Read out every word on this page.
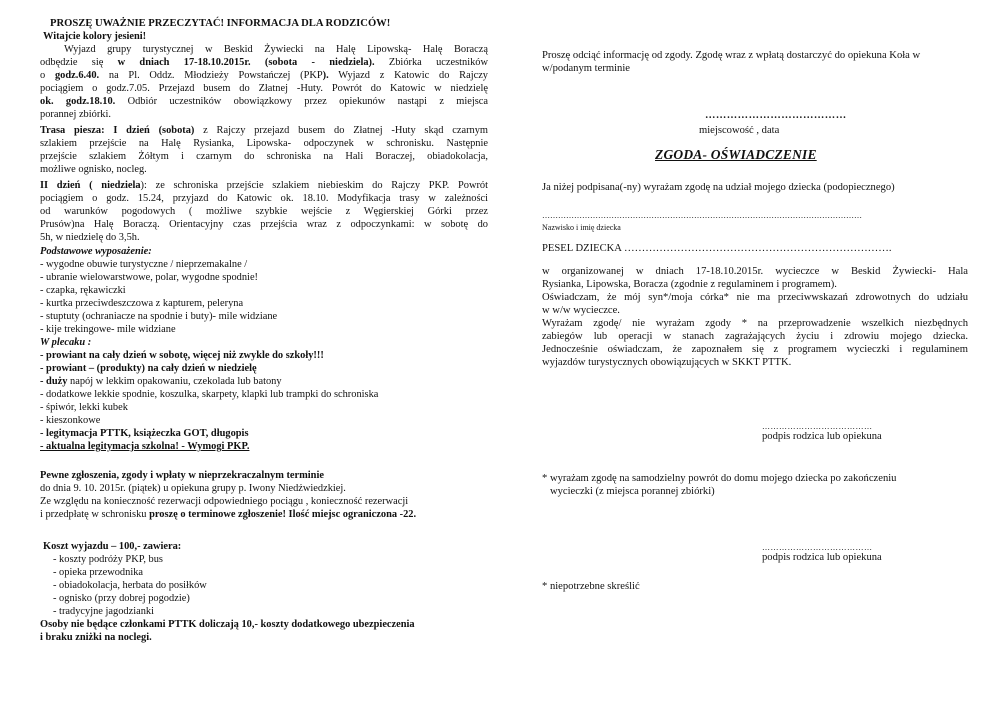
PROSZĘ UWAŻNIE PRZECZYTAĆ! INFORMACJA DLA RODZICÓW!
Witajcie kolory jesieni!
Wyjazd grupy turystycznej w Beskid Żywiecki na Halę Lipowską- Halę Boraczą
odbędzie się w dniach 17-18.10.2015r. (sobota - niedziela). Zbiórka uczestników
o godz.6.40. na Pl. Oddz. Młodzieży Powstańczej (PKP). Wyjazd z Katowic do Rajczy
pociągiem o godz.7.05. Przejazd busem do Złatnej -Huty. Powrót do Katowic w niedzielę
ok. godz.18.10. Odbiór uczestników obowiązkowy przez opiekunów nastąpi z miejsca
porannej zbiórki.
Trasa piesza: I dzień (sobota) z Rajczy przejazd busem do Złatnej -Huty skąd czarnym
szlakiem przejście na Halę Rysianka, Lipowska- odpoczynek w schronisku. Następnie
przejście szlakiem Żółtym i czarnym do schroniska na Hali Boraczej, obiadokolacja,
możliwe ognisko, nocleg.
II dzień ( niedziela): ze schroniska przejście szlakiem niebieskim do Rajczy PKP. Powrót
pociągiem o godz. 15.24, przyjazd do Katowic ok. 18.10. Modyfikacja trasy w zależności
od warunków pogodowych ( możliwe szybkie wejście z Węgierskiej Górki przez
Prusów)na Halę Boraczą. Orientacyjny czas przejścia wraz z odpoczynkami: w sobotę do
5h, w niedzielę do 3,5h.
Podstawowe wyposażenie:
- wygodne obuwie turystyczne / nieprzemakalne /
- ubranie wielowarstwowe, polar, wygodne spodnie!
- czapka, rękawiczki
- kurtka przeciwdeszczowa z kapturem, peleryna
- stuptuty (ochraniacze na spodnie i buty)- mile widziane
- kije trekingowe- mile widziane
W plecaku :
- prowiant na cały dzień w sobotę, więcej niż zwykle do szkoły!!!
- prowiant – (produkty) na cały dzień w niedzielę
- duży napój w lekkim opakowaniu, czekolada lub batony
- dodatkowe lekkie spodnie, koszulka, skarpety, klapki lub trampki do schroniska
- śpiwór, lekki kubek
- kieszonkowe
- legitymacja PTTK, książeczka GOT, długopis
- aktualna legitymacja szkolna! - Wymogi PKP.
Pewne zgłoszenia, zgody i wpłaty w nieprzekraczalnym terminie
do dnia 9. 10. 2015r. (piątek) u opiekuna grupy p. Iwony Niedźwiedzkiej.
Ze względu na konieczność rezerwacji odpowiedniego pociągu , konieczność rezerwacji
i przedpłatę w schronisku proszę o terminowe zgłoszenie! Ilość miejsc ograniczona -22.
Koszt wyjazdu – 100,- zawiera:
- koszty podróży PKP, bus
- opieka przewodnika
- obiadokolacja, herbata do posiłków
- ognisko (przy dobrej pogodzie)
- tradycyjne jagodzianki
Osoby nie będące członkami PTTK doliczają 10,- koszty dodatkowego ubezpieczenia
i braku zniżki na noclegi.
Proszę odciąć informację od zgody. Zgodę wraz z wpłatą dostarczyć do opiekuna Koła w
w/podanym terminie
…………………………………
miejscowość , data
ZGODA- OŚWIADCZENIE
Ja niżej podpisana(-ny) wyrażam zgodę na udział mojego dziecka (podopiecznego)
…………………………………………………………………………………………………………
Nazwisko i imię dziecka
PESEL DZIECKA ………………………………………………………………….
w organizowanej w dniach 17-18.10.2015r. wycieczce w Beskid Żywiecki- Hala
Rysianka, Lipowska, Boracza (zgodnie z regulaminem i programem).
Oświadczam, że mój syn*/moja córka* nie ma przeciwwskazań zdrowotnych do udziału
w w/w wycieczce.
Wyrażam zgodę/ nie wyrażam zgody * na przeprowadzenie wszelkich niezbędnych
zabiegów lub operacji w stanach zagrażających życiu i zdrowiu mojego dziecka.
Jednocześnie oświadczam, że zapoznałem się z programem wycieczki i regulaminem
wyjazdów turystycznych obowiązujących w SKKT PTTK.
…………………………………
podpis rodzica lub opiekuna
* wyrażam zgodę na samodzielny powrót do domu mojego dziecka po zakończeniu
wycieczki (z miejsca porannej zbiórki)
…………………………………
podpis rodzica lub opiekuna
* niepotrzebne skreślić
